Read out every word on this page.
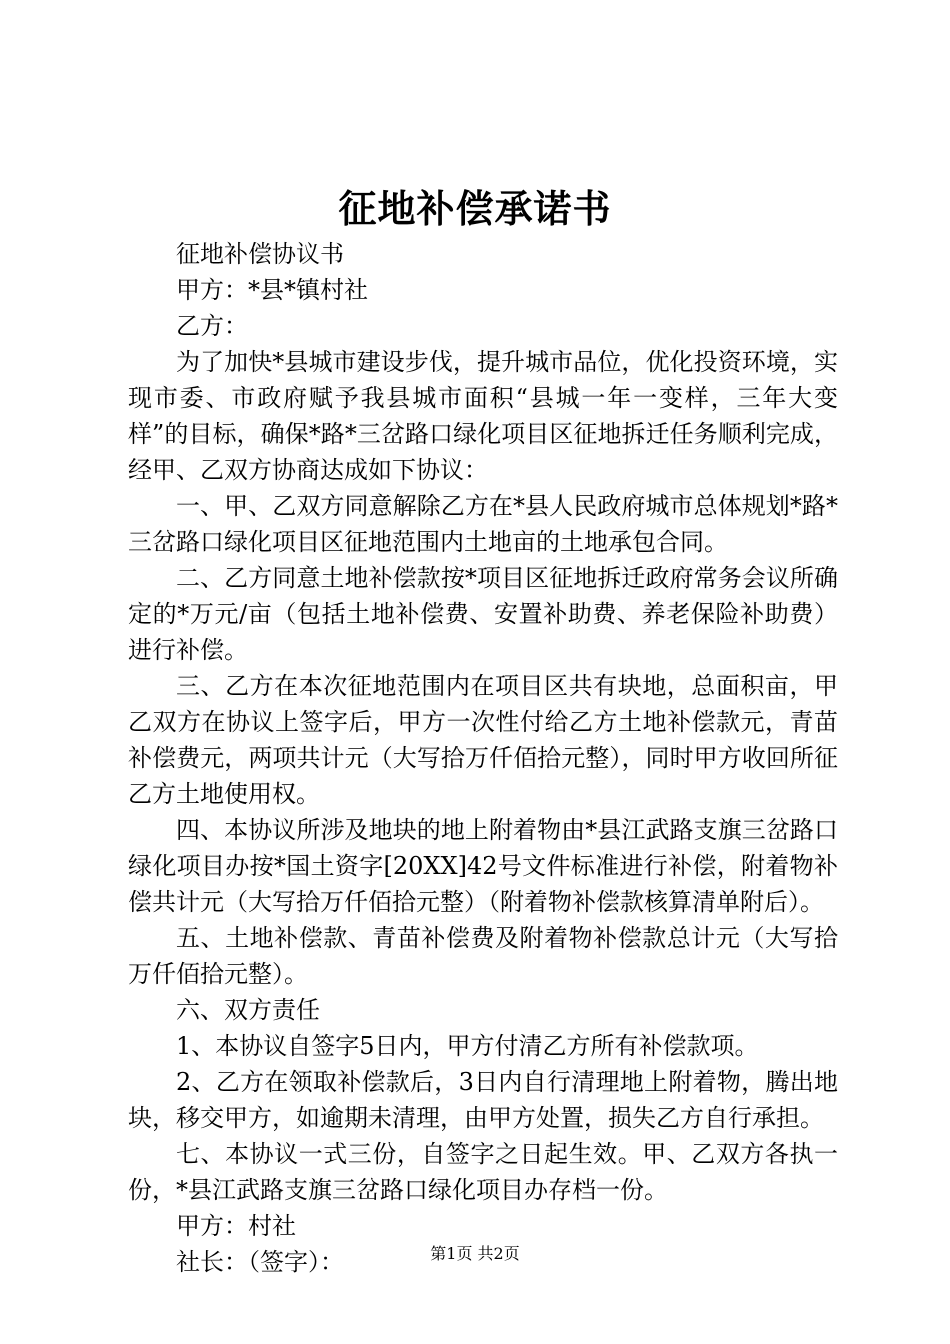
征地补偿承诺书

征地补偿协议书

甲方：*县*镇村社

乙方：

为了加快*县城市建设步伐，提升城市品位，优化投资环境，实现市委、市政府赋予我县城市面积“县城一年一变样，三年大变样”的目标，确保*路*三岔路口绿化项目区征地拆迁任务顺利完成，经甲、乙双方协商达成如下协议：

一、甲、乙双方同意解除乙方在*县人民政府城市总体规划*路*三岔路口绿化项目区征地范围内土地亩的土地承包合同。

二、乙方同意土地补偿款按*项目区征地拆迁政府常务会议所确定的*万元/亩（包括土地补偿费、安置补助费、养老保险补助费）进行补偿。

三、乙方在本次征地范围内在项目区共有块地，总面积亩，甲乙双方在协议上签字后，甲方一次性付给乙方土地补偿款元，青苗补偿费元，两项共计元（大写拾万仟佰拾元整），同时甲方收回所征乙方土地使用权。

四、本协议所涉及地块的地上附着物由*县江武路支旗三岔路口绿化项目办按*国土资字[20XX]42号文件标准进行补偿，附着物补偿共计元（大写拾万仟佰拾元整）（附着物补偿款核算清单附后）。

五、土地补偿款、青苗补偿费及附着物补偿款总计元（大写拾万仟佰拾元整）。

六、双方责任

1、本协议自签字5日内，甲方付清乙方所有补偿款项。

2、乙方在领取补偿款后，3日内自行清理地上附着物，腾出地块，移交甲方，如逾期未清理，由甲方处置，损失乙方自行承担。

七、本协议一式三份，自签字之日起生效。甲、乙双方各执一份，*县江武路支旗三岔路口绿化项目办存档一份。

甲方：村社

社长：（签字）：	第1页 共2页
